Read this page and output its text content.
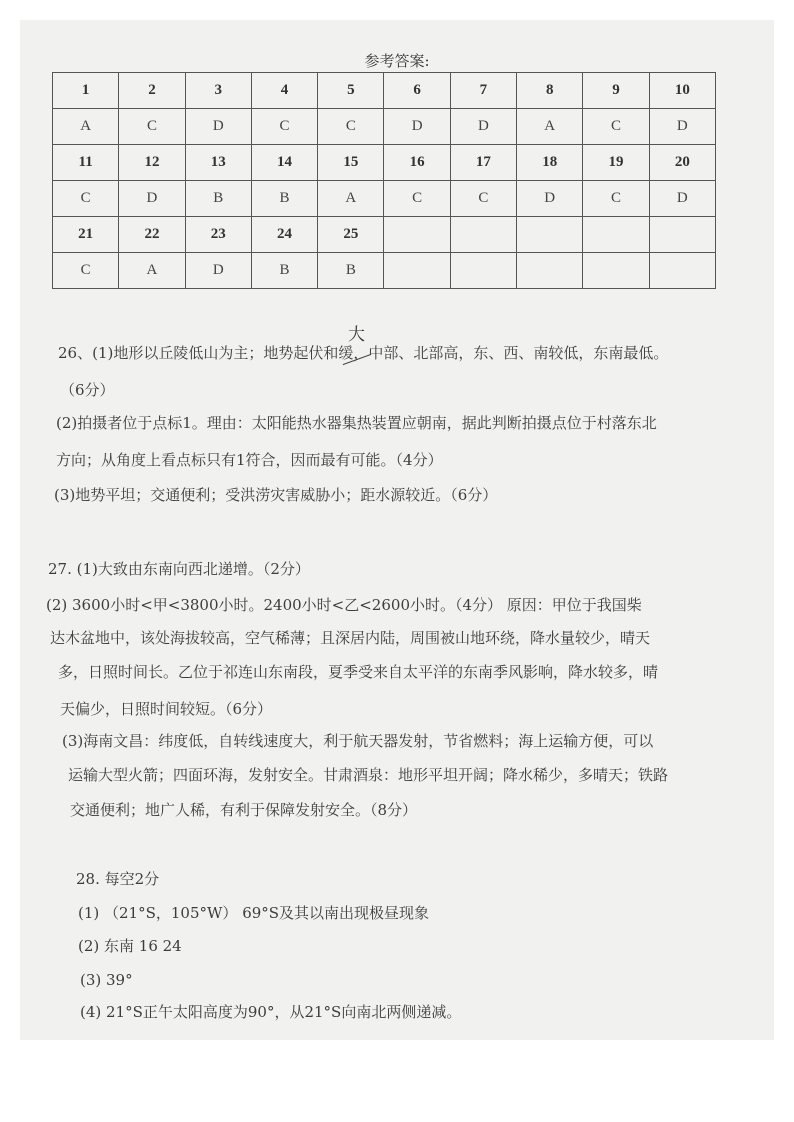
参考答案:
1	2	3	4	5	6	7	8	9	10
A	C	D	C	C	D	D	A	C	D
11	12	13	14	15	16	17	18	19	20
C	D	B	B	A	C	C	D	C	D
21	22	23	24	25					
C	A	D	B	B					
大
26、(1)地形以丘陵低山为主；地势起伏和缓，中部、北部高，东、西、南较低，东南最低。
（6分）
(2)拍摄者位于点标1。理由：太阳能热水器集热装置应朝南，据此判断拍摄点位于村落东北
方向；从角度上看点标只有1符合，因而最有可能。（4分）
(3)地势平坦；交通便利；受洪涝灾害威胁小；距水源较近。（6分）
27. (1)大致由东南向西北递增。（2分）
(2) 3600小时<甲<3800小时。2400小时<乙<2600小时。（4分） 原因：甲位于我国柴
达木盆地中，该处海拔较高，空气稀薄；且深居内陆，周围被山地环绕，降水量较少，晴天
多，日照时间长。乙位于祁连山东南段，夏季受来自太平洋的东南季风影响，降水较多，晴
天偏少，日照时间较短。（6分）
(3)海南文昌：纬度低，自转线速度大，利于航天器发射，节省燃料；海上运输方便，可以
运输大型火箭；四面环海，发射安全。甘肃酒泉：地形平坦开阔；降水稀少，多晴天；铁路
交通便利；地广人稀，有利于保障发射安全。（8分）
28. 每空2分
(1) （21°S，105°W） 69°S及其以南出现极昼现象
(2) 东南 16 24
(3) 39°
(4) 21°S正午太阳高度为90°，从21°S向南北两侧递减。
